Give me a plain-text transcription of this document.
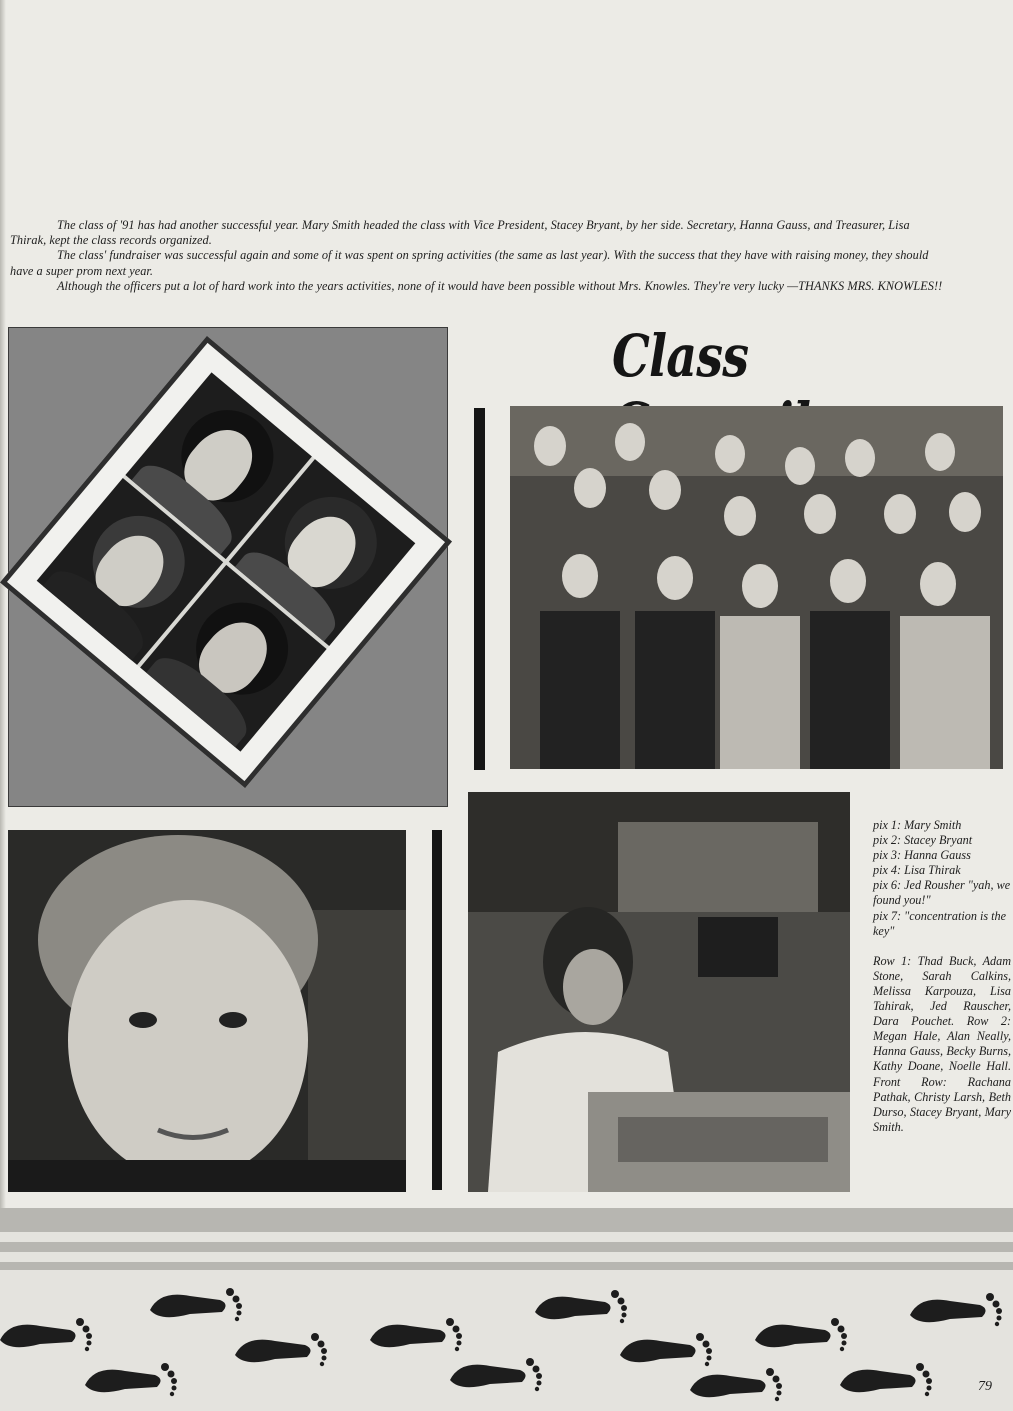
The class of '91 has had another successful year. Mary Smith headed the class with Vice President, Stacey Bryant, by her side. Secretary, Hanna Gauss, and Treasurer, Lisa Thirak, kept the class records organized.

The class' fundraiser was successful again and some of it was spent on spring activities (the same as last year). With the success that they have with raising money, they should have a super prom next year.

Although the officers put a lot of hard work into the years activities, none of it would have been possible without Mrs. Knowles. They're very lucky —THANKS MRS. KNOWLES!!

Class
pix 1: Mary Smith
pix 2: Stacey Bryant
pix 3: Hanna Gauss
pix 4: Lisa Thirak
pix 6: Jed Rousher "yah, we found you!"
pix 7: "concentration is the key"
Row 1: Thad Buck, Adam Stone, Sarah Calkins, Melissa Karpouza, Lisa Tahirak, Jed Rauscher, Dara Pouchet. Row 2: Megan Hale, Alan Neally, Hanna Gauss, Becky Burns, Kathy Doane, Noelle Hall. Front Row: Rachana Pathak, Christy Larsh, Beth Durso, Stacey Bryant, Mary Smith.
79
